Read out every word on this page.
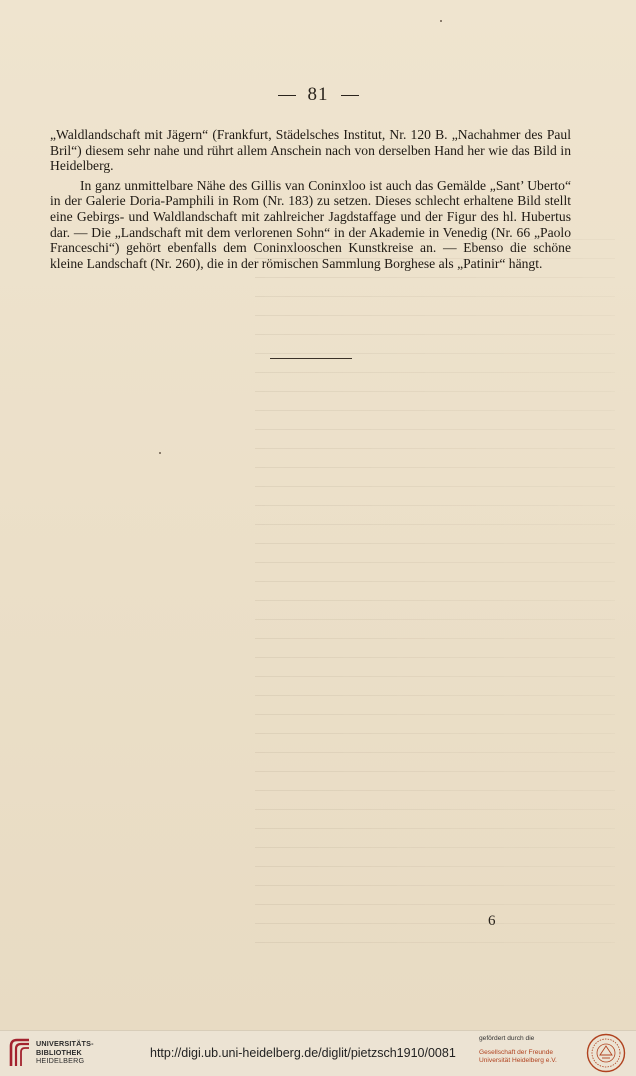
81

„Waldlandschaft mit Jägern“ (Frankfurt, Städelsches Institut, Nr. 120 B. „Nachahmer des Paul Bril“) diesem sehr nahe und rührt allem Anschein nach von derselben Hand her wie das Bild in Heidelberg.

In ganz unmittelbare Nähe des Gillis van Coninxloo ist auch das Gemälde „Sant’ Uberto“ in der Galerie Doria-Pamphili in Rom (Nr. 183) zu setzen. Dieses schlecht erhaltene Bild stellt eine Gebirgs- und Waldlandschaft mit zahlreicher Jagdstaffage und der Figur des hl. Hubertus dar. — Die „Landschaft mit dem verlorenen Sohn“ in der Akademie in Venedig (Nr. 66 „Paolo Franceschi“) gehört ebenfalls dem Coninxlooschen Kunstkreise an. — Ebenso die schöne kleine Landschaft (Nr. 260), die in der römischen Sammlung Borghese als „Patinir“ hängt.

6
UNIVERSITÄTS-
BIBLIOTHEK
HEIDELBERG
http://digi.ub.uni-heidelberg.de/diglit/pietzsch1910/0081
gefördert durch die
Gesellschaft der Freunde
Universität Heidelberg e.V.
